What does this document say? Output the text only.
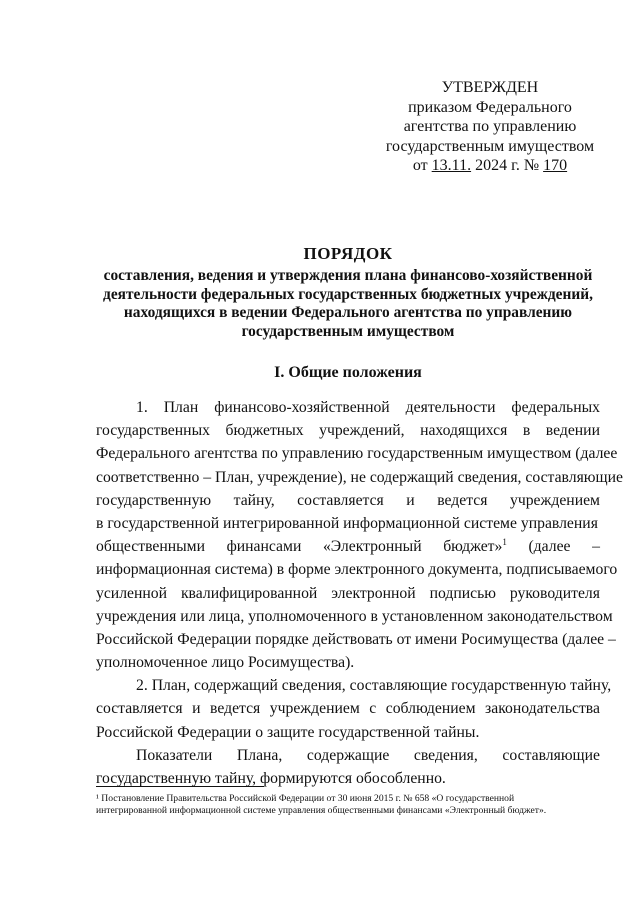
УТВЕРЖДЕН
приказом Федерального
агентства по управлению
государственным имуществом
от 13.11. 2024 г. № 170
ПОРЯДОК
составления, ведения и утверждения плана финансово-хозяйственной
деятельности федеральных государственных бюджетных учреждений,
находящихся в ведении Федерального агентства по управлению
государственным имуществом
I. Общие положения
1. План финансово-хозяйственной деятельности федеральных
государственных бюджетных учреждений, находящихся в ведении
Федерального агентства по управлению государственным имуществом (далее
соответственно – План, учреждение), не содержащий сведения, составляющие
государственную тайну, составляется и ведется учреждением
в государственной интегрированной информационной системе управления
общественными финансами «Электронный бюджет»$^1$ (далее –
информационная система) в форме электронного документа, подписываемого
усиленной квалифицированной электронной подписью руководителя
учреждения или лица, уполномоченного в установленном законодательством
Российской Федерации порядке действовать от имени Росимущества (далее –
уполномоченное лицо Росимущества).
2. План, содержащий сведения, составляющие государственную тайну,
составляется и ведется учреждением с соблюдением законодательства
Российской Федерации о защите государственной тайны.
Показатели Плана, содержащие сведения, составляющие
государственную тайну, формируются обособленно.
¹ Постановление Правительства Российской Федерации от 30 июня 2015 г. № 658 «О государственной
интегрированной информационной системе управления общественными финансами «Электронный бюджет».
